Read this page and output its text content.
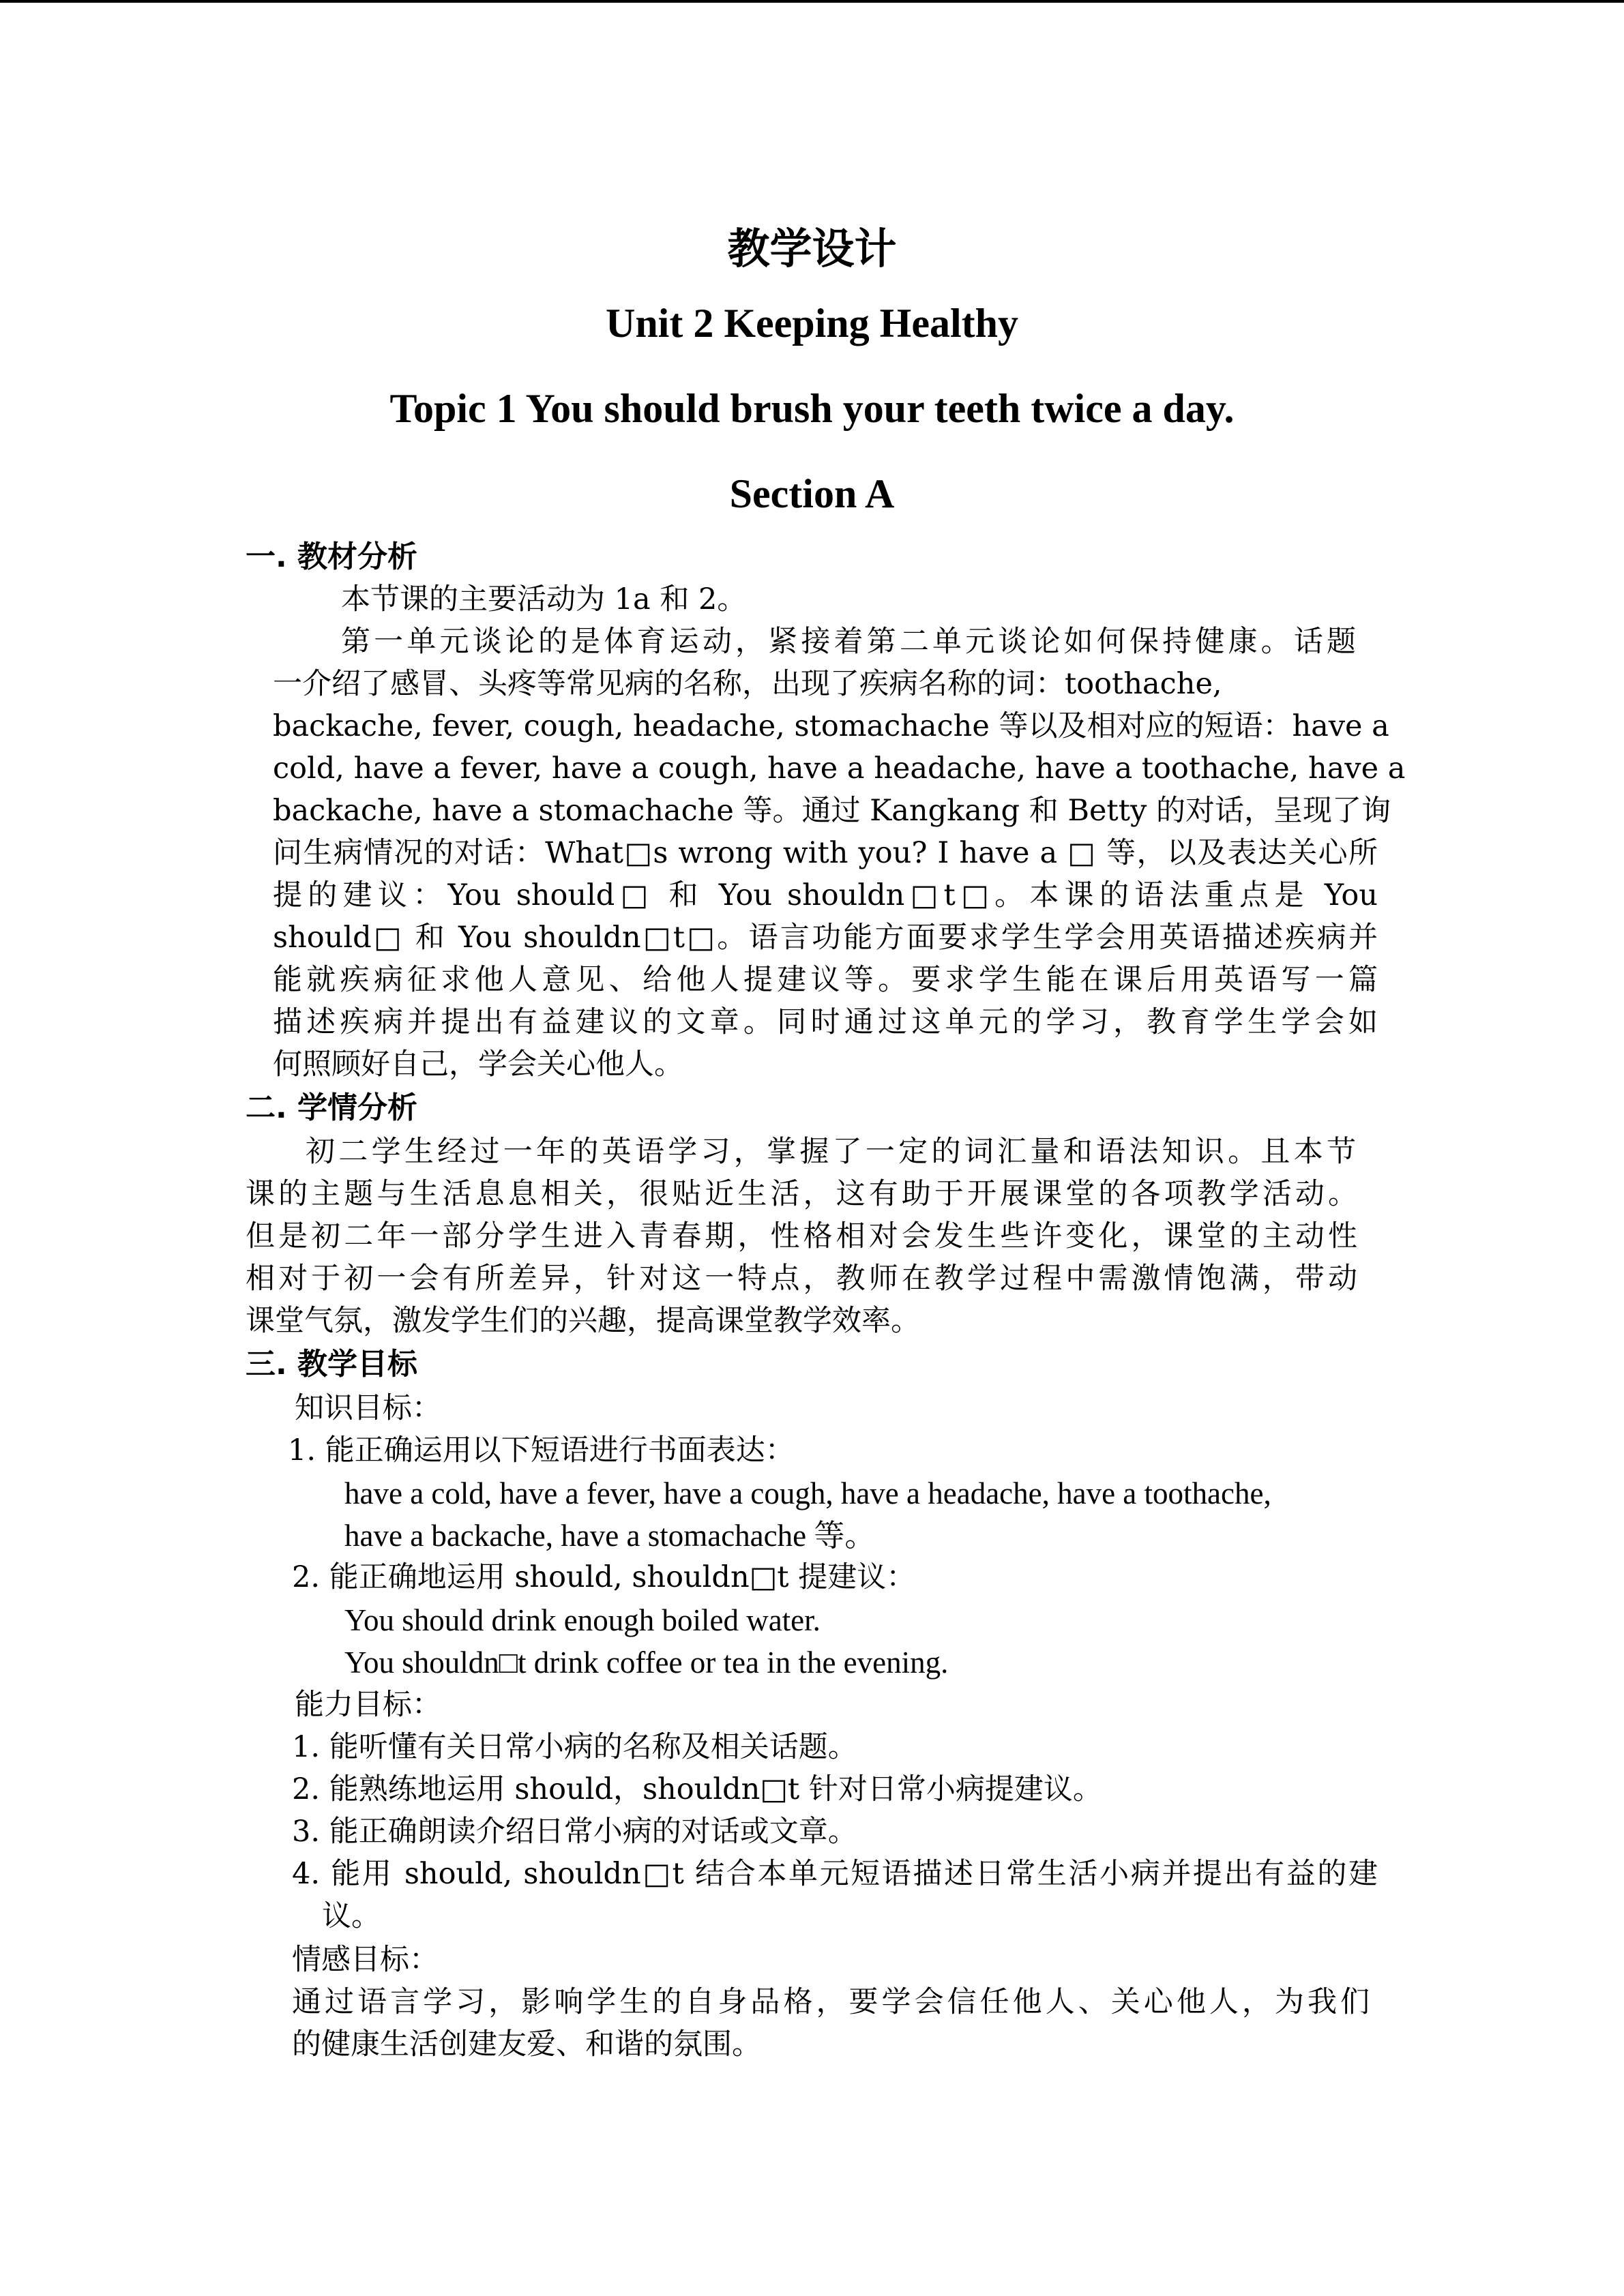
教学设计
Unit 2 Keeping Healthy
Topic 1 You should brush your teeth twice a day.
Section A
一. 教材分析
本节课的主要活动为 1a 和 2。
第一单元谈论的是体育运动，紧接着第二单元谈论如何保持健康。话题
一介绍了感冒、头疼等常见病的名称，出现了疾病名称的词：toothache,
backache, fever, cough, headache, stomachache 等以及相对应的短语：have a
cold, have a fever, have a cough, have a headache, have a toothache, have a
backache, have a stomachache 等。通过 Kangkang 和 Betty 的对话，呈现了询
问生病情况的对话：What□s wrong with you? I have a □ 等，以及表达关心所
提的建议：You should□ 和 You shouldn□t□。本课的语法重点是 You
should□ 和 You shouldn□t□。语言功能方面要求学生学会用英语描述疾病并
能就疾病征求他人意见、给他人提建议等。要求学生能在课后用英语写一篇
描述疾病并提出有益建议的文章。同时通过这单元的学习，教育学生学会如
何照顾好自己，学会关心他人。
二. 学情分析
初二学生经过一年的英语学习，掌握了一定的词汇量和语法知识。且本节
课的主题与生活息息相关，很贴近生活，这有助于开展课堂的各项教学活动。
但是初二年一部分学生进入青春期，性格相对会发生些许变化，课堂的主动性
相对于初一会有所差异，针对这一特点，教师在教学过程中需激情饱满，带动
课堂气氛，激发学生们的兴趣，提高课堂教学效率。
三. 教学目标
知识目标：
1. 能正确运用以下短语进行书面表达：
have a cold, have a fever, have a cough, have a headache, have a toothache,
have a backache, have a stomachache 等。
2. 能正确地运用 should, shouldn□t 提建议：
You should drink enough boiled water.
You shouldn□t drink coffee or tea in the evening.
能力目标：
1. 能听懂有关日常小病的名称及相关话题。
2. 能熟练地运用 should，shouldn□t 针对日常小病提建议。
3. 能正确朗读介绍日常小病的对话或文章。
4. 能用 should, shouldn□t 结合本单元短语描述日常生活小病并提出有益的建
议。
情感目标：
通过语言学习，影响学生的自身品格，要学会信任他人、关心他人，为我们
的健康生活创建友爱、和谐的氛围。
